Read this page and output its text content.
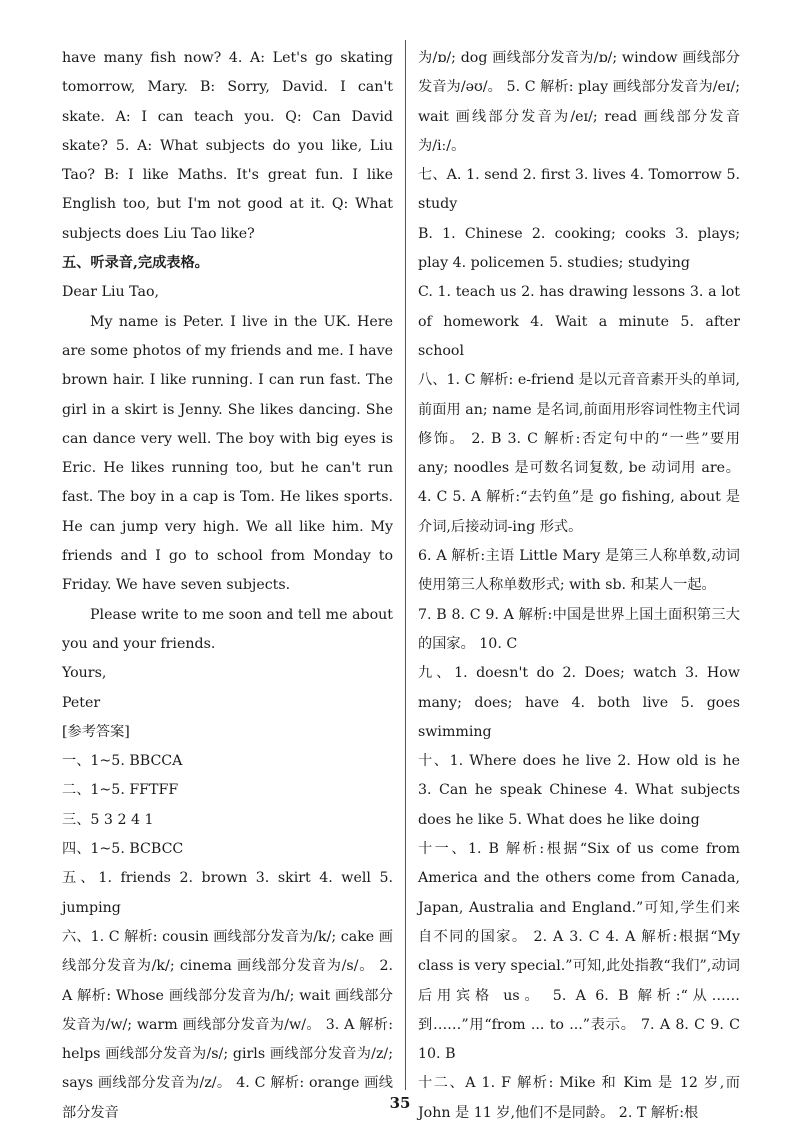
have many fish now? 4. A: Let's go skating tomorrow, Mary. B: Sorry, David. I can't skate. A: I can teach you. Q: Can David skate? 5. A: What subjects do you like, Liu Tao? B: I like Maths. It's great fun. I like English too, but I'm not good at it. Q: What subjects does Liu Tao like?
五、听录音,完成表格。
Dear Liu Tao,
My name is Peter. I live in the UK. Here are some photos of my friends and me. I have brown hair. I like running. I can run fast. The girl in a skirt is Jenny. She likes dancing. She can dance very well. The boy with big eyes is Eric. He likes running too, but he can't run fast. The boy in a cap is Tom. He likes sports. He can jump very high. We all like him. My friends and I go to school from Monday to Friday. We have seven subjects.
Please write to me soon and tell me about you and your friends.
Yours,
Peter
[参考答案]
一、1~5. BBCCA
二、1~5. FFTFF
三、5 3 2 4 1
四、1~5. BCBCC
五、1. friends 2. brown 3. skirt 4. well 5. jumping
六、1. C 解析: cousin 画线部分发音为/k/; cake 画线部分发音为/k/; cinema 画线部分发音为/s/。 2. A 解析: Whose 画线部分发音为/h/; wait 画线部分发音为/w/; warm 画线部分发音为/w/。 3. A 解析: helps 画线部分发音为/s/; girls 画线部分发音为/z/; says 画线部分发音为/z/。 4. C 解析: orange 画线部分发音
为/ɒ/; dog 画线部分发音为/ɒ/; window 画线部分发音为/əʊ/。 5. C 解析: play 画线部分发音为/eɪ/; wait 画线部分发音为/eɪ/; read 画线部分发音为/iː/。
七、A. 1. send 2. first 3. lives 4. Tomorrow 5. study
B. 1. Chinese 2. cooking; cooks 3. plays; play 4. policemen 5. studies; studying
C. 1. teach us 2. has drawing lessons 3. a lot of homework 4. Wait a minute 5. after school
八、1. C 解析: e-friend 是以元音音素开头的单词,前面用 an; name 是名词,前面用形容词性物主代词修饰。 2. B 3. C 解析:否定句中的“一些”要用 any; noodles 是可数名词复数, be 动词用 are。 4. C 5. A 解析:“去钓鱼”是 go fishing, about 是介词,后接动词-ing 形式。
6. A 解析:主语 Little Mary 是第三人称单数,动词使用第三人称单数形式; with sb. 和某人一起。
7. B 8. C 9. A 解析:中国是世界上国土面积第三大的国家。 10. C
九、1. doesn't do 2. Does; watch 3. How many; does; have 4. both live 5. goes swimming
十、1. Where does he live 2. How old is he 3. Can he speak Chinese 4. What subjects does he like 5. What does he like doing
十一、1. B 解析:根据“Six of us come from America and the others come from Canada, Japan, Australia and England.”可知,学生们来自不同的国家。 2. A 3. C 4. A 解析:根据“My class is very special.”可知,此处指教“我们”,动词后用宾格 us。 5. A 6. B 解析:“从……到……”用“from ... to ...”表示。 7. A 8. C 9. C 10. B
十二、A 1. F 解析: Mike 和 Kim 是 12 岁,而 John 是 11 岁,他们不是同龄。 2. T 解析:根
35
